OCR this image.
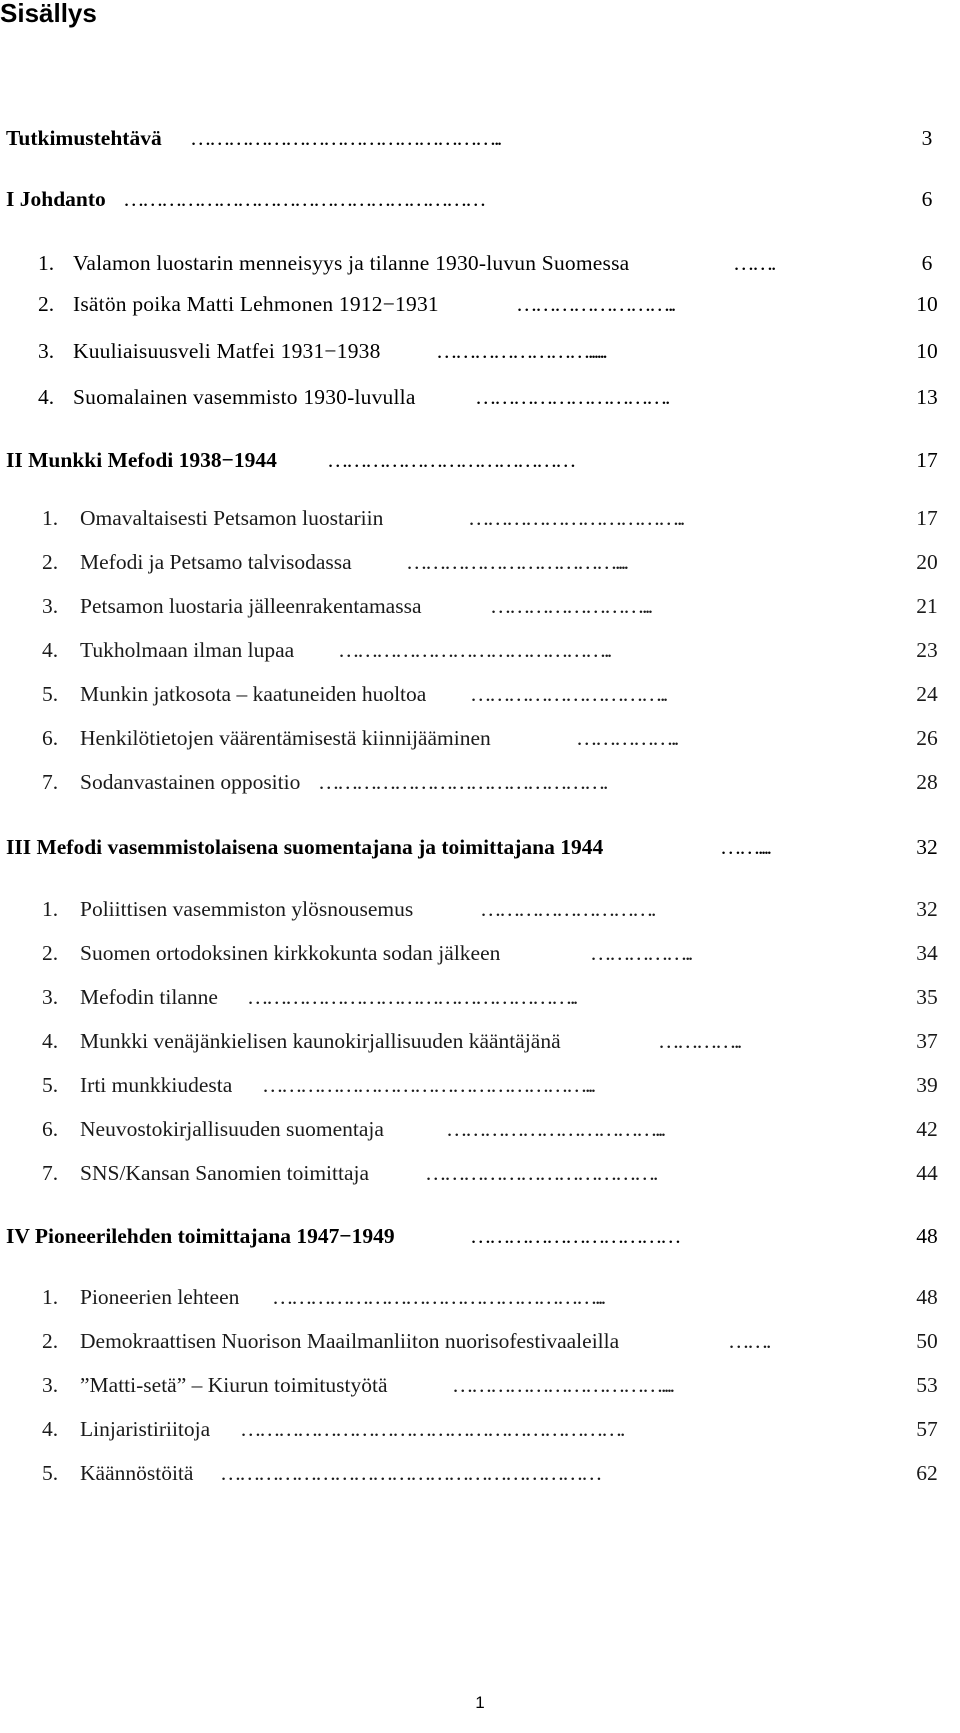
Sisällys
Tutkimustehtävä …………………………………………..	3
I Johdanto …………………………………………………	6
1. Valamon luostarin menneisyys ja tilanne 1930-luvun Suomessa	…….	6
2. Isätön poika Matti Lehmonen 1912−1931	……………………..	10
3. Kuuliaisuusveli Matfei 1931−1938	……………………......	10
4. Suomalainen vasemmisto 1930-luvulla	………………………….	13
II Munkki Mefodi 1938−1944 …………………………………	17
1. Omavaltaisesti Petsamon luostariin	……………………………..	17
2. Mefodi ja Petsamo talvisodassa	……………………………....	20
3. Petsamon luostaria jälleenrakentamassa	……………………...	21
4. Tukholmaan ilman lupaa ……………………………………..	23
5. Munkin jatkosota – kaatuneiden huoltoa …………………………..	24
6. Henkilötietojen väärentämisestä kiinnijääminen	……………..	26
7. Sodanvastainen oppositio ……………………………………….	28
III Mefodi vasemmistolaisena suomentajana ja toimittajana 1944	……....	32
1. Poliittisen vasemmiston ylösnousemus	……………………….	32
2. Suomen ortodoksinen kirkkokunta sodan jälkeen	……………..	34
3. Mefodin tilanne ……………………………………………..	35
4. Munkki venäjänkielisen kaunokirjallisuuden kääntäjänä	…………..	37
5. Irti munkkiudesta ……………………………………………...	39
6. Neuvostokirjallisuuden suomentaja	……………………………...	42
7. SNS/Kansan Sanomien toimittaja	……………………………….	44
IV Pioneerilehden toimittajana 1947−1949	……………………………	48
1. Pioneerien lehteen ……………………………………………...	48
2. Demokraattisen Nuorison Maailmanliiton nuorisofestivaaleilla	…….	50
3. ”Matti-setä” – Kiurun toimitustyötä	……………………………....	53
4. Linjaristiriitoja …………………………………………………….	57
5. Käännöstöitä ……………………………………………………	62
1
